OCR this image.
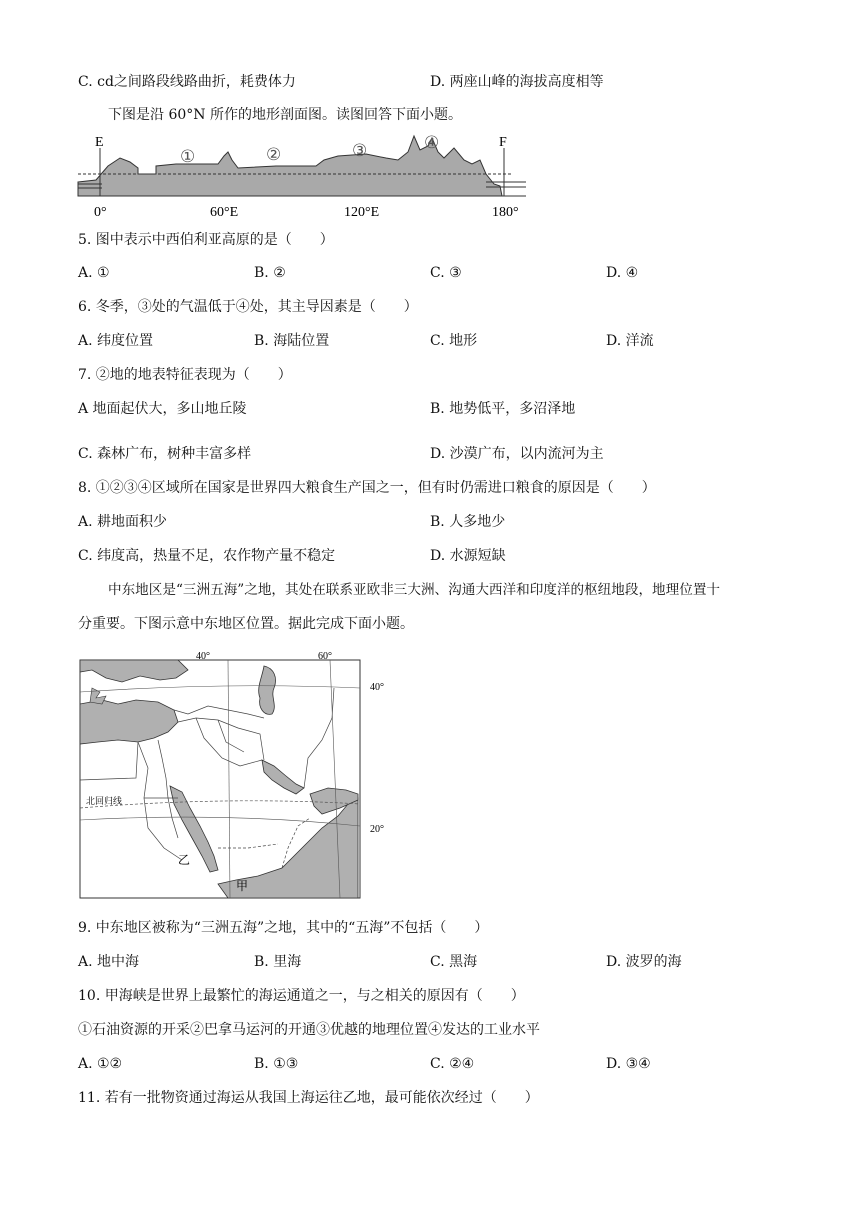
C. cd之间路段线路曲折，耗费体力	D. 两座山峰的海拔高度相等
下图是沿 60°N 所作的地形剖面图。读图回答下面小题。
E	F
①	②	③	④
0°	60°E	120°E	180°
5. 图中表示中西伯利亚高原的是（　　）
A. ①	B. ②	C. ③	D. ④
6. 冬季，③处的气温低于④处，其主导因素是（　　）
A. 纬度位置	B. 海陆位置	C. 地形	D. 洋流
7. ②地的地表特征表现为（　　）
A 地面起伏大，多山地丘陵	B. 地势低平，多沼泽地
C. 森林广布，树种丰富多样	D. 沙漠广布，以内流河为主
8. ①②③④区域所在国家是世界四大粮食生产国之一，但有时仍需进口粮食的原因是（　　）
A. 耕地面积少	B. 人多地少
C. 纬度高，热量不足，农作物产量不稳定	D. 水源短缺
中东地区是“三洲五海”之地，其处在联系亚欧非三大洲、沟通大西洋和印度洋的枢纽地段，地理位置十
分重要。下图示意中东地区位置。据此完成下面小题。
40°	60°
40°
20°
北回归线
乙
甲
9. 中东地区被称为“三洲五海”之地，其中的“五海”不包括（　　）
A. 地中海	B. 里海	C. 黑海	D. 波罗的海
10. 甲海峡是世界上最繁忙的海运通道之一，与之相关的原因有（　　）
①石油资源的开采②巴拿马运河的开通③优越的地理位置④发达的工业水平
A. ①②	B. ①③	C. ②④	D. ③④
11. 若有一批物资通过海运从我国上海运往乙地，最可能依次经过（　　）
